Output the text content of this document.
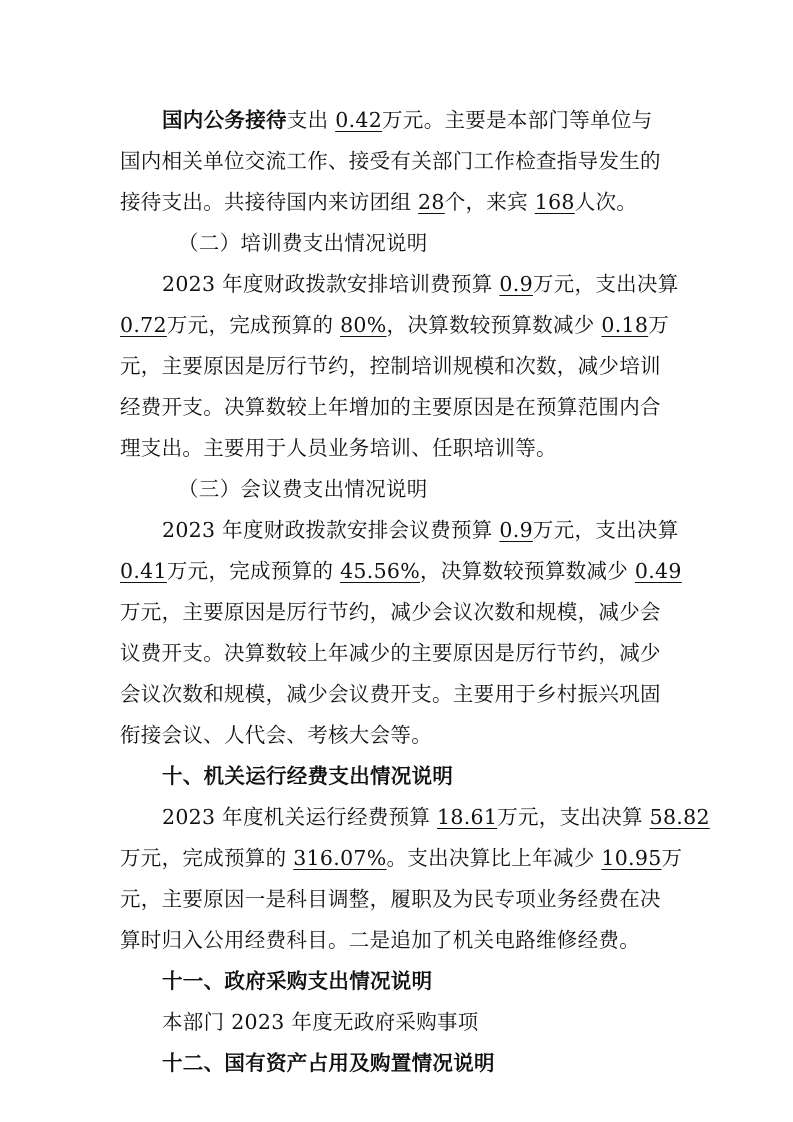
国内公务接待支出 0.42万元。主要是本部门等单位与
国内相关单位交流工作、接受有关部门工作检查指导发生的
接待支出。共接待国内来访团组 28个，来宾 168人次。
（二）培训费支出情况说明
2023 年度财政拨款安排培训费预算 0.9万元，支出决算
0.72万元，完成预算的 80%，决算数较预算数减少 0.18万
元，主要原因是厉行节约，控制培训规模和次数，减少培训
经费开支。决算数较上年增加的主要原因是在预算范围内合
理支出。主要用于人员业务培训、任职培训等。
（三）会议费支出情况说明
2023 年度财政拨款安排会议费预算 0.9万元，支出决算
0.41万元，完成预算的 45.56%，决算数较预算数减少 0.49
万元，主要原因是厉行节约，减少会议次数和规模，减少会
议费开支。决算数较上年减少的主要原因是厉行节约，减少
会议次数和规模，减少会议费开支。主要用于乡村振兴巩固
衔接会议、人代会、考核大会等。
十、机关运行经费支出情况说明
2023 年度机关运行经费预算 18.61万元，支出决算 58.82
万元，完成预算的 316.07%。支出决算比上年减少 10.95万
元，主要原因一是科目调整，履职及为民专项业务经费在决
算时归入公用经费科目。二是追加了机关电路维修经费。
十一、政府采购支出情况说明
本部门 2023 年度无政府采购事项
十二、国有资产占用及购置情况说明
